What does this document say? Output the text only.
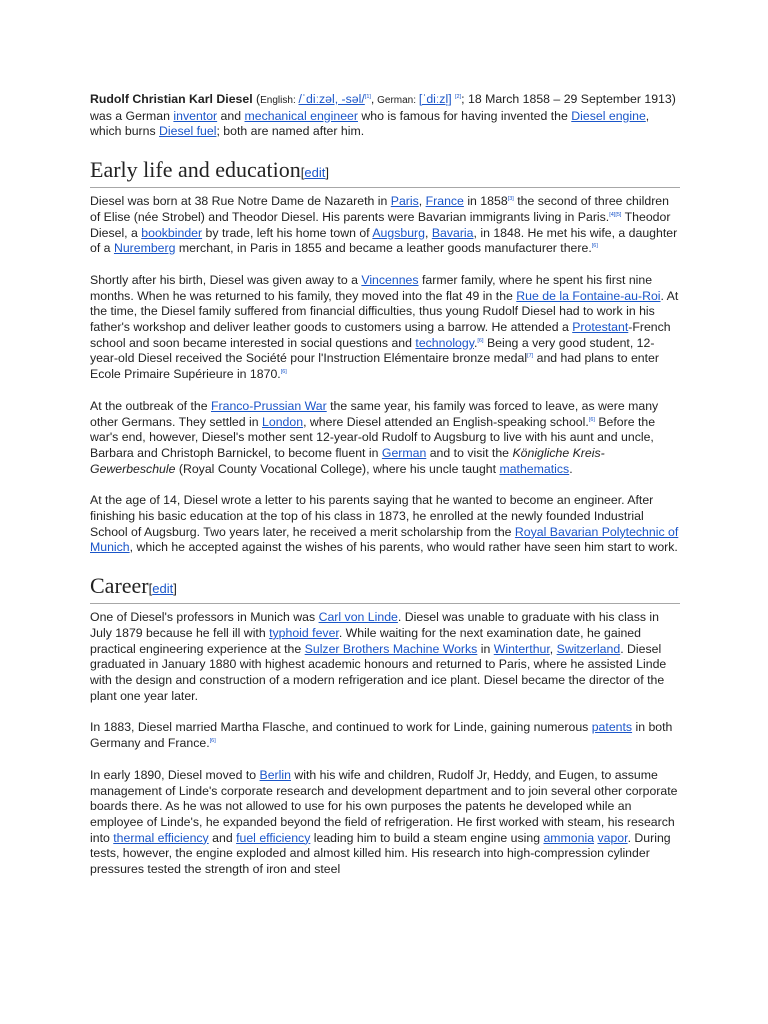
Rudolf Christian Karl Diesel (English: /ˈdiːzəl, -səl/[1], German: [ˈdiːzl̩] [2]; 18 March 1858 – 29 September 1913) was a German inventor and mechanical engineer who is famous for having invented the Diesel engine, which burns Diesel fuel; both are named after him.

Early life and education[edit]

Diesel was born at 38 Rue Notre Dame de Nazareth in Paris, France in 1858[3] the second of three children of Elise (née Strobel) and Theodor Diesel. His parents were Bavarian immigrants living in Paris.[4][5] Theodor Diesel, a bookbinder by trade, left his home town of Augsburg, Bavaria, in 1848. He met his wife, a daughter of a Nuremberg merchant, in Paris in 1855 and became a leather goods manufacturer there.[6]

Shortly after his birth, Diesel was given away to a Vincennes farmer family, where he spent his first nine months. When he was returned to his family, they moved into the flat 49 in the Rue de la Fontaine-au-Roi. At the time, the Diesel family suffered from financial difficulties, thus young Rudolf Diesel had to work in his father's workshop and deliver leather goods to customers using a barrow. He attended a Protestant-French school and soon became interested in social questions and technology.[6] Being a very good student, 12-year-old Diesel received the Société pour l'Instruction Elémentaire bronze medal[7] and had plans to enter Ecole Primaire Supérieure in 1870.[6]

At the outbreak of the Franco-Prussian War the same year, his family was forced to leave, as were many other Germans. They settled in London, where Diesel attended an English-speaking school.[6] Before the war's end, however, Diesel's mother sent 12-year-old Rudolf to Augsburg to live with his aunt and uncle, Barbara and Christoph Barnickel, to become fluent in German and to visit the Königliche Kreis-Gewerbeschule (Royal County Vocational College), where his uncle taught mathematics.

At the age of 14, Diesel wrote a letter to his parents saying that he wanted to become an engineer. After finishing his basic education at the top of his class in 1873, he enrolled at the newly founded Industrial School of Augsburg. Two years later, he received a merit scholarship from the Royal Bavarian Polytechnic of Munich, which he accepted against the wishes of his parents, who would rather have seen him start to work.

Career[edit]

One of Diesel's professors in Munich was Carl von Linde. Diesel was unable to graduate with his class in July 1879 because he fell ill with typhoid fever. While waiting for the next examination date, he gained practical engineering experience at the Sulzer Brothers Machine Works in Winterthur, Switzerland. Diesel graduated in January 1880 with highest academic honours and returned to Paris, where he assisted Linde with the design and construction of a modern refrigeration and ice plant. Diesel became the director of the plant one year later.

In 1883, Diesel married Martha Flasche, and continued to work for Linde, gaining numerous patents in both Germany and France.[6]

In early 1890, Diesel moved to Berlin with his wife and children, Rudolf Jr, Heddy, and Eugen, to assume management of Linde's corporate research and development department and to join several other corporate boards there. As he was not allowed to use for his own purposes the patents he developed while an employee of Linde's, he expanded beyond the field of refrigeration. He first worked with steam, his research into thermal efficiency and fuel efficiency leading him to build a steam engine using ammonia vapor. During tests, however, the engine exploded and almost killed him. His research into high-compression cylinder pressures tested the strength of iron and steel
